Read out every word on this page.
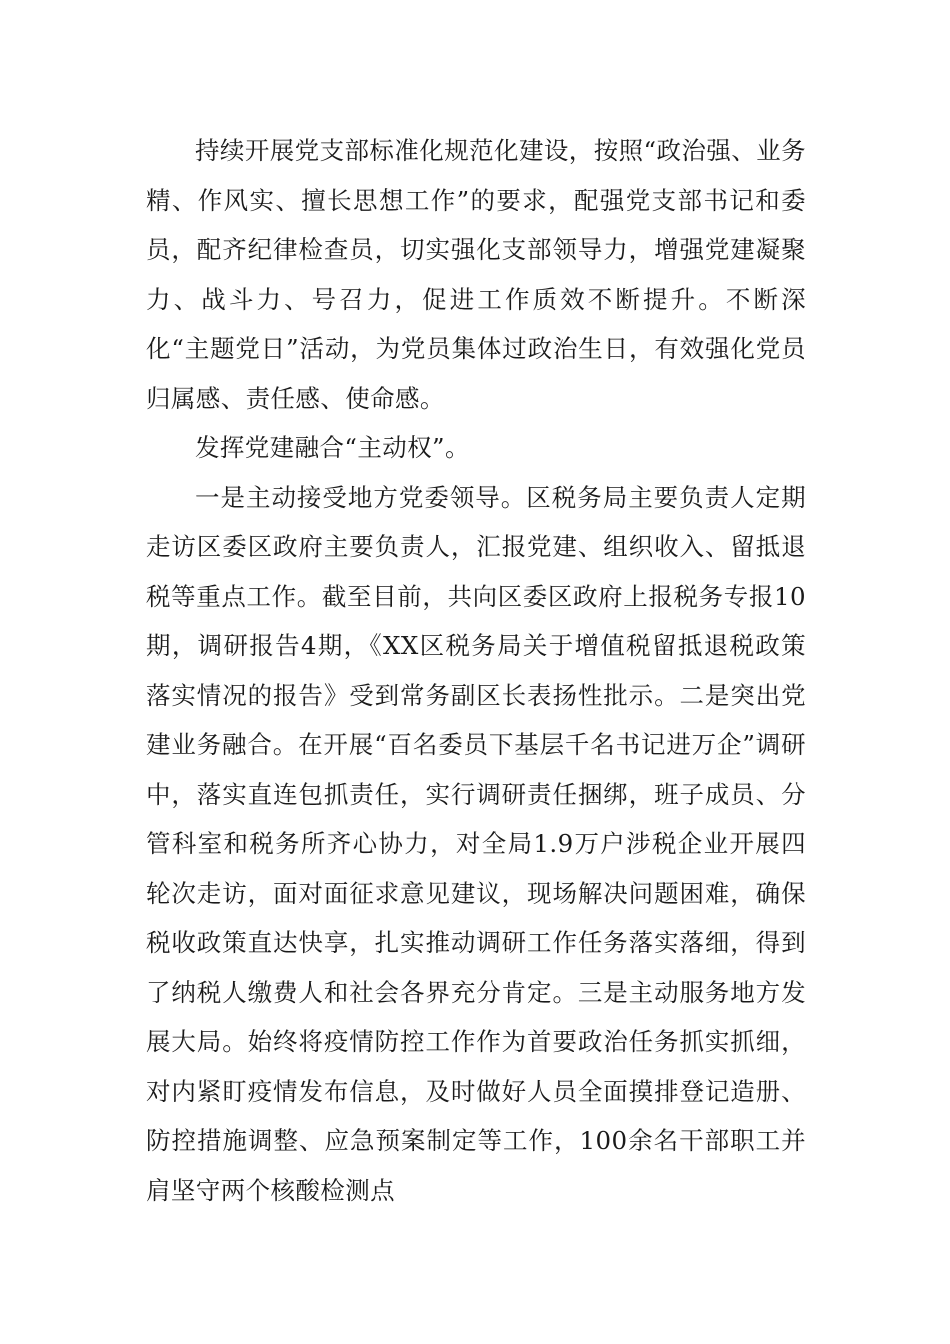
持续开展党支部标准化规范化建设，按照“政治强、业务精、作风实、擅长思想工作”的要求，配强党支部书记和委员，配齐纪律检查员，切实强化支部领导力，增强党建凝聚力、战斗力、号召力，促进工作质效不断提升。不断深化“主题党日”活动，为党员集体过政治生日，有效强化党员归属感、责任感、使命感。

发挥党建融合“主动权”。

一是主动接受地方党委领导。区税务局主要负责人定期走访区委区政府主要负责人，汇报党建、组织收入、留抵退税等重点工作。截至目前，共向区委区政府上报税务专报10期，调研报告4期，《XX区税务局关于增值税留抵退税政策落实情况的报告》受到常务副区长表扬性批示。二是突出党建业务融合。在开展“百名委员下基层千名书记进万企”调研中，落实直连包抓责任，实行调研责任捆绑，班子成员、分管科室和税务所齐心协力，对全局1.9万户涉税企业开展四轮次走访，面对面征求意见建议，现场解决问题困难，确保税收政策直达快享，扎实推动调研工作任务落实落细，得到了纳税人缴费人和社会各界充分肯定。三是主动服务地方发展大局。始终将疫情防控工作作为首要政治任务抓实抓细，对内紧盯疫情发布信息，及时做好人员全面摸排登记造册、防控措施调整、应急预案制定等工作，100余名干部职工并肩坚守两个核酸检测点
